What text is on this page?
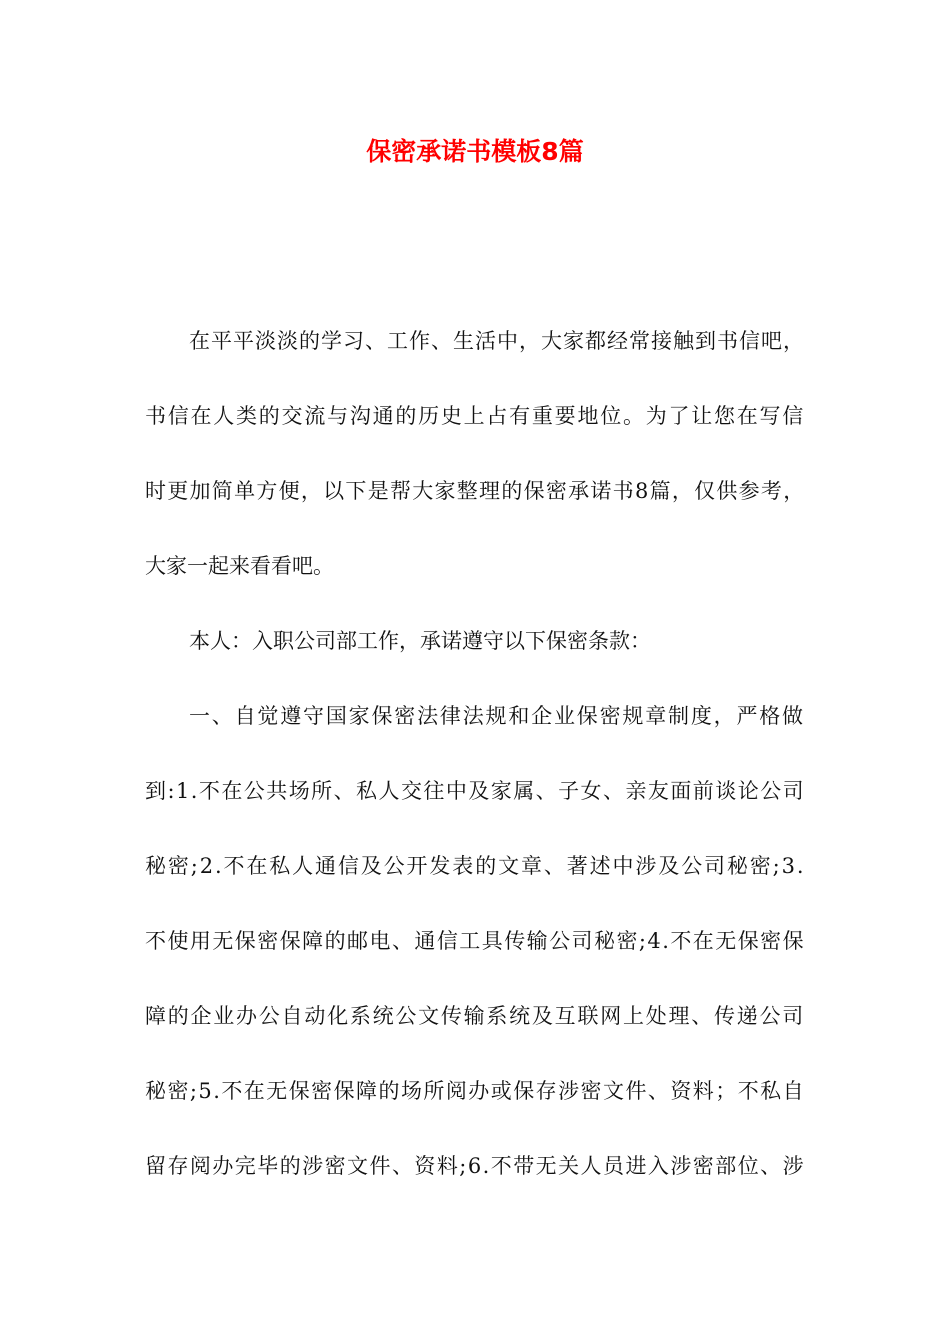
保密承诺书模板8篇
在平平淡淡的学习、工作、生活中，大家都经常接触到书信吧，
书信在人类的交流与沟通的历史上占有重要地位。为了让您在写信
时更加简单方便，以下是帮大家整理的保密承诺书8篇，仅供参考，
大家一起来看看吧。
本人：入职公司部工作，承诺遵守以下保密条款：
一、自觉遵守国家保密法律法规和企业保密规章制度，严格做
到:1.不在公共场所、私人交往中及家属、子女、亲友面前谈论公司
秘密;2.不在私人通信及公开发表的文章、著述中涉及公司秘密;3.
不使用无保密保障的邮电、通信工具传输公司秘密;4.不在无保密保
障的企业办公自动化系统公文传输系统及互联网上处理、传递公司
秘密;5.不在无保密保障的场所阅办或保存涉密文件、资料；不私自
留存阅办完毕的涉密文件、资料;6.不带无关人员进入涉密部位、涉
